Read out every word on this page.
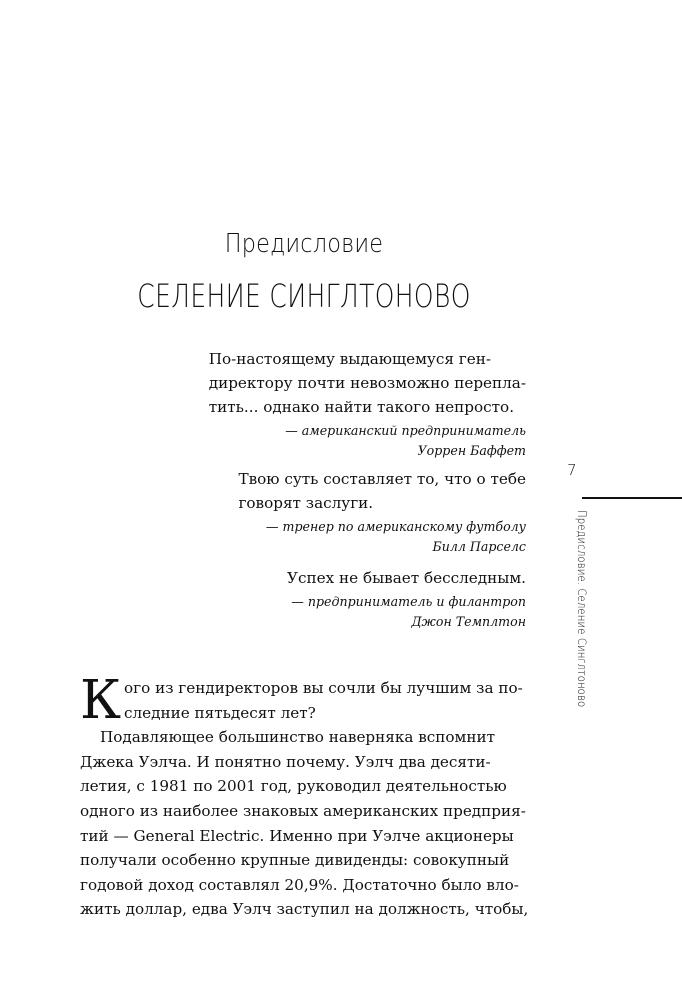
Предисловие
СЕЛЕНИЕ СИНГЛТОНОВО
По-настоящему выдающемуся ген-
директору почти невозможно перепла-
тить... однако найти такого непросто.
— американский предприниматель
Уоррен Баффет
Твою суть составляет то, что о тебе
говорят заслуги.
— тренер по американскому футболу
Билл Парселс
Успех не бывает бесследным.
— предприниматель и филантроп
Джон Темплтон
7
Предисловие. Селение Синглтоново
К ого из гендиректоров вы сочли бы лучшим за по-
следние пятьдесят лет?
Подавляющее большинство наверняка вспомнит
Джека Уэлча. И понятно почему. Уэлч два десяти-
летия, с 1981 по 2001 год, руководил деятельностью
одного из наиболее знаковых американских предприя-
тий — General Electric. Именно при Уэлче акционеры
получали особенно крупные дивиденды: совокупный
годовой доход составлял 20,9%. Достаточно было вло-
жить доллар, едва Уэлч заступил на должность, чтобы,
